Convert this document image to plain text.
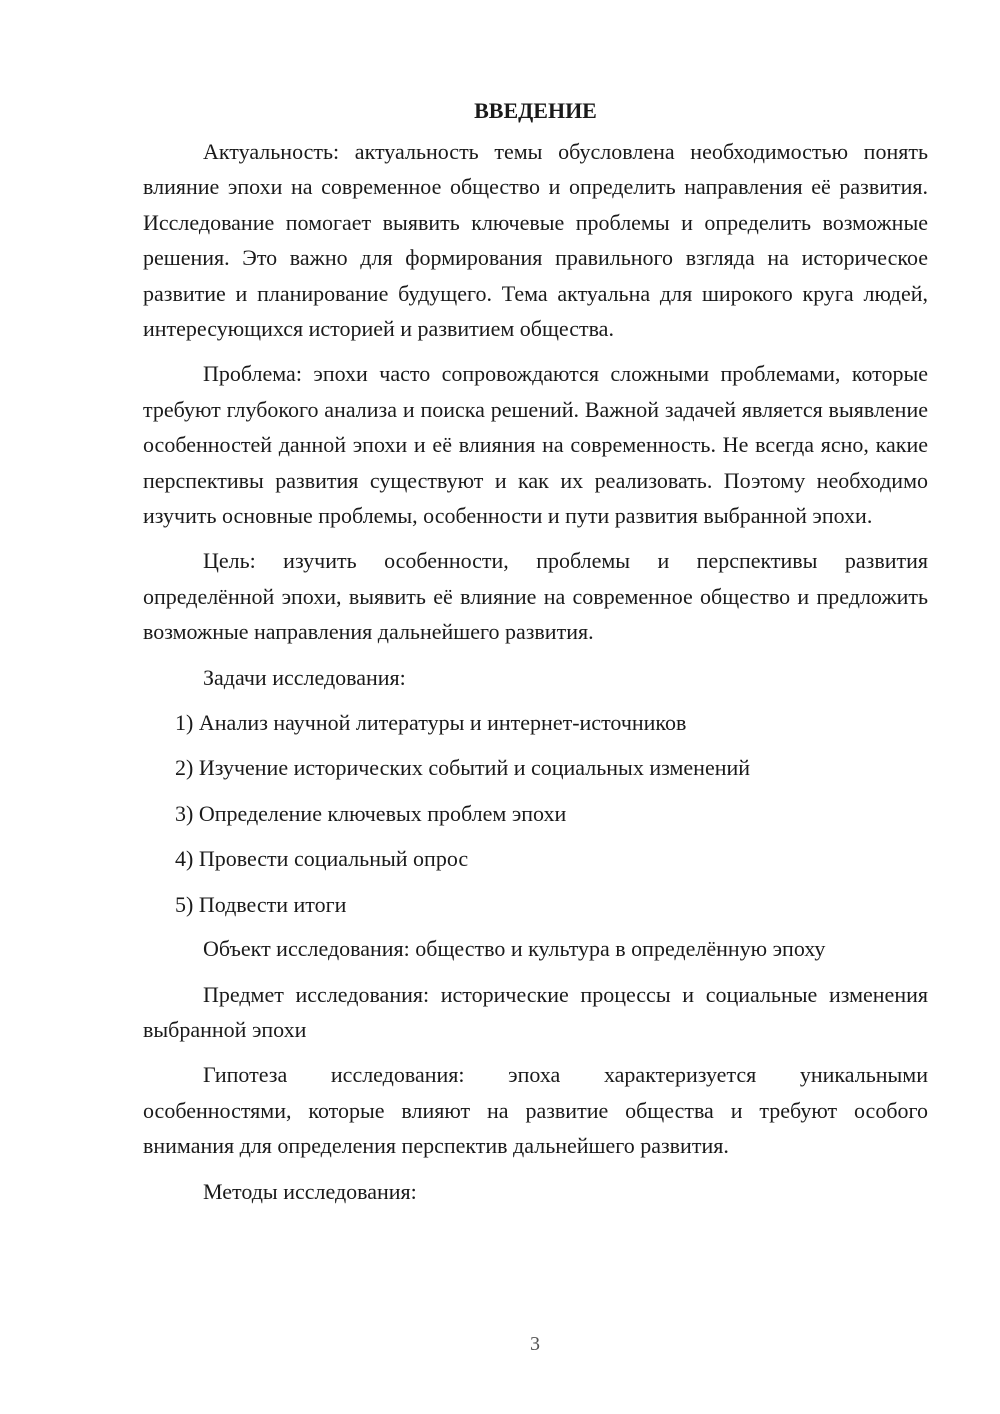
ВВЕДЕНИЕ

Актуальность: актуальность темы обусловлена необходимостью понять влияние эпохи на современное общество и определить направления её развития. Исследование помогает выявить ключевые проблемы и определить возможные решения. Это важно для формирования правильного взгляда на историческое развитие и планирование будущего. Тема актуальна для широкого круга людей, интересующихся историей и развитием общества.

Проблема: эпохи часто сопровождаются сложными проблемами, которые требуют глубокого анализа и поиска решений. Важной задачей является выявление особенностей данной эпохи и её влияния на современность. Не всегда ясно, какие перспективы развития существуют и как их реализовать. Поэтому необходимо изучить основные проблемы, особенности и пути развития выбранной эпохи.

Цель: изучить особенности, проблемы и перспективы развития определённой эпохи, выявить её влияние на современное общество и предложить возможные направления дальнейшего развития.

Задачи исследования:

1) Анализ научной литературы и интернет-источников
2) Изучение исторических событий и социальных изменений
3) Определение ключевых проблем эпохи
4) Провести социальный опрос
5) Подвести итоги

Объект исследования: общество и культура в определённую эпоху

Предмет исследования: исторические процессы и социальные изменения выбранной эпохи

Гипотеза исследования: эпоха характеризуется уникальными особенностями, которые влияют на развитие общества и требуют особого внимания для определения перспектив дальнейшего развития.

Методы исследования:

3
